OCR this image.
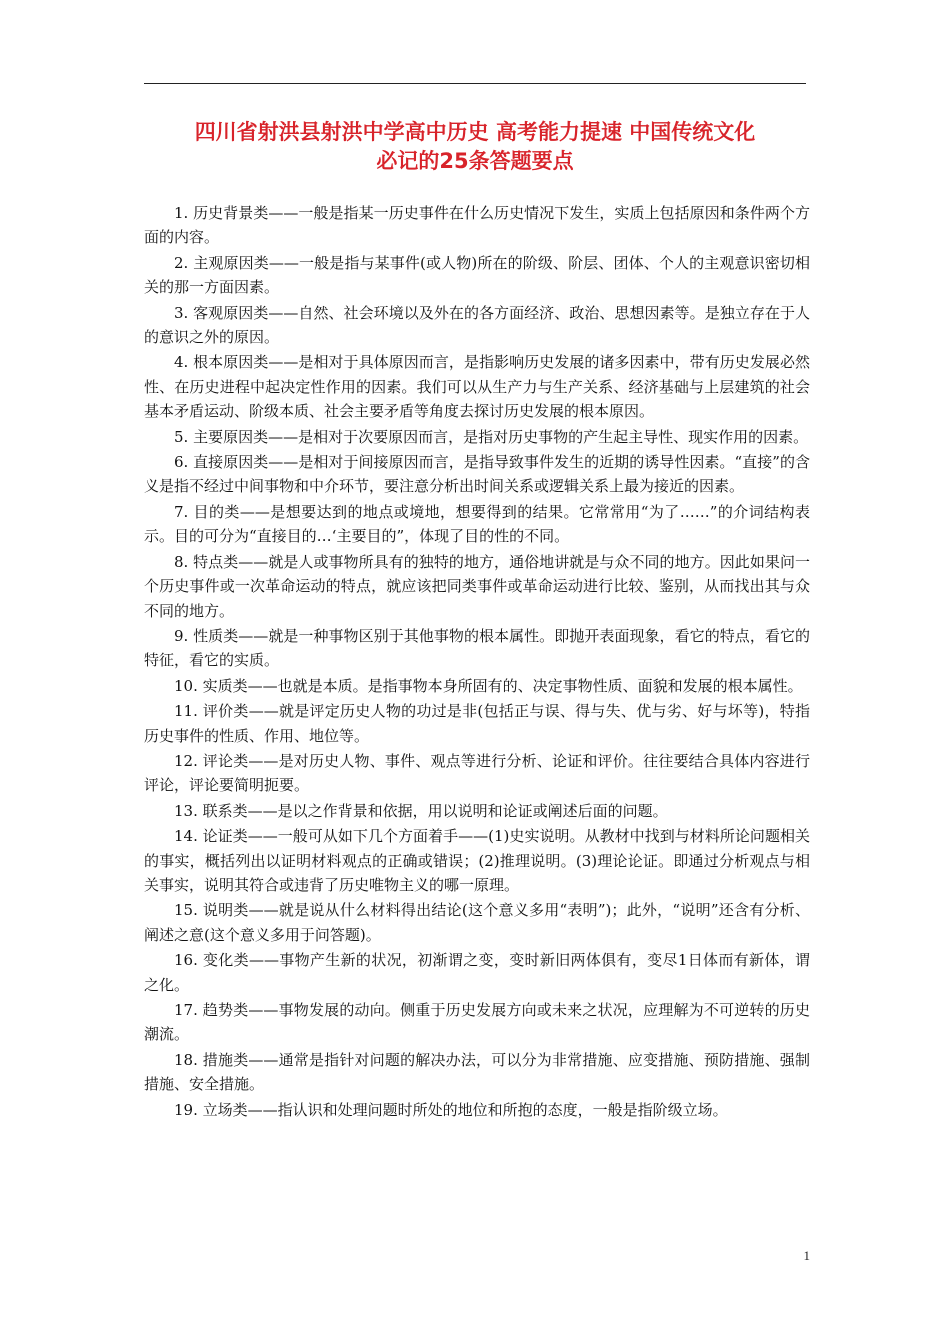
四川省射洪县射洪中学高中历史 高考能力提速 中国传统文化
必记的25条答题要点

1. 历史背景类——一般是指某一历史事件在什么历史情况下发生，实质上包括原因和条件两个方面的内容。

2. 主观原因类——一般是指与某事件(或人物)所在的阶级、阶层、团体、个人的主观意识密切相关的那一方面因素。

3. 客观原因类——自然、社会环境以及外在的各方面经济、政治、思想因素等。是独立存在于人的意识之外的原因。

4. 根本原因类——是相对于具体原因而言，是指影响历史发展的诸多因素中，带有历史发展必然性、在历史进程中起决定性作用的因素。我们可以从生产力与生产关系、经济基础与上层建筑的社会基本矛盾运动、阶级本质、社会主要矛盾等角度去探讨历史发展的根本原因。

5. 主要原因类——是相对于次要原因而言，是指对历史事物的产生起主导性、现实作用的因素。

6. 直接原因类——是相对于间接原因而言，是指导致事件发生的近期的诱导性因素。“直接”的含义是指不经过中间事物和中介环节，要注意分析出时间关系或逻辑关系上最为接近的因素。

7. 目的类——是想要达到的地点或境地，想要得到的结果。它常常用“为了……”的介词结构表示。目的可分为“直接目的…‘主要目的”，体现了目的性的不同。

8. 特点类——就是人或事物所具有的独特的地方，通俗地讲就是与众不同的地方。因此如果问一个历史事件或一次革命运动的特点，就应该把同类事件或革命运动进行比较、鉴别，从而找出其与众不同的地方。

9. 性质类——就是一种事物区别于其他事物的根本属性。即抛开表面现象，看它的特点，看它的特征，看它的实质。

10. 实质类——也就是本质。是指事物本身所固有的、决定事物性质、面貌和发展的根本属性。

11. 评价类——就是评定历史人物的功过是非(包括正与误、得与失、优与劣、好与坏等)，特指历史事件的性质、作用、地位等。

12. 评论类——是对历史人物、事件、观点等进行分析、论证和评价。往往要结合具体内容进行评论，评论要简明扼要。

13. 联系类——是以之作背景和依据，用以说明和论证或阐述后面的问题。

14. 论证类——一般可从如下几个方面着手——(1)史实说明。从教材中找到与材料所论问题相关的事实，概括列出以证明材料观点的正确或错误；(2)推理说明。(3)理论论证。即通过分析观点与相关事实，说明其符合或违背了历史唯物主义的哪一原理。

15. 说明类——就是说从什么材料得出结论(这个意义多用“表明”)；此外，“说明”还含有分析、阐述之意(这个意义多用于问答题)。

16. 变化类——事物产生新的状况，初渐谓之变，变时新旧两体俱有，变尽1日体而有新体，谓之化。

17. 趋势类——事物发展的动向。侧重于历史发展方向或未来之状况，应理解为不可逆转的历史潮流。

18. 措施类——通常是指针对问题的解决办法，可以分为非常措施、应变措施、预防措施、强制措施、安全措施。

19. 立场类——指认识和处理问题时所处的地位和所抱的态度，一般是指阶级立场。

1
